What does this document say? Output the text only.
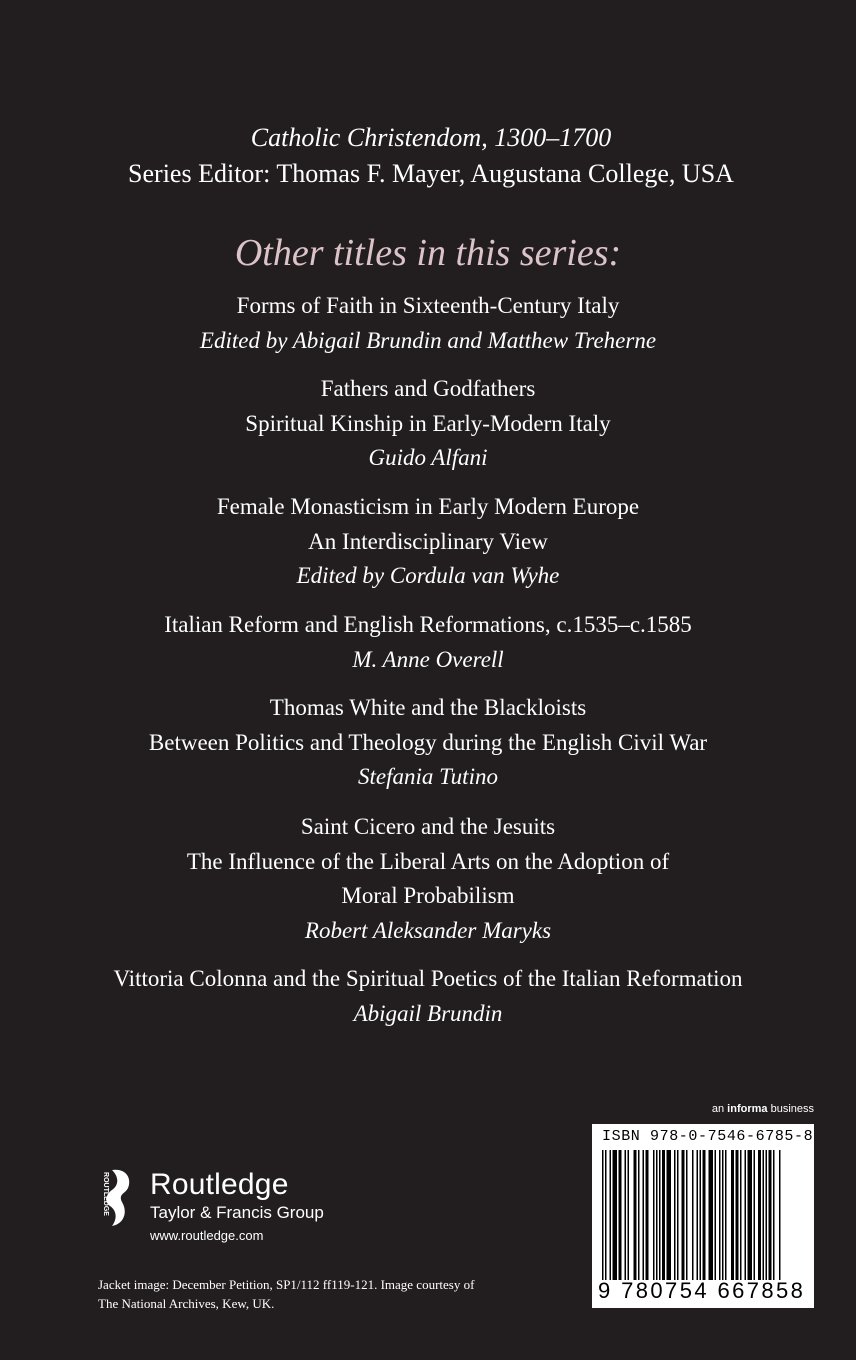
Catholic Christendom, 1300–1700
Series Editor: Thomas F. Mayer, Augustana College, USA
Other titles in this series:
Forms of Faith in Sixteenth-Century Italy
Edited by Abigail Brundin and Matthew Treherne
Fathers and Godfathers
Spiritual Kinship in Early-Modern Italy
Guido Alfani
Female Monasticism in Early Modern Europe
An Interdisciplinary View
Edited by Cordula van Wyhe
Italian Reform and English Reformations, c.1535–c.1585
M. Anne Overell
Thomas White and the Blackloists
Between Politics and Theology during the English Civil War
Stefania Tutino
Saint Cicero and the Jesuits
The Influence of the Liberal Arts on the Adoption of
Moral Probabilism
Robert Aleksander Maryks
Vittoria Colonna and the Spiritual Poetics of the Italian Reformation
Abigail Brundin
an informa business
ISBN 978-0-7546-6785-8
9 780754 667858
ROUTLEDGE Routledge
Taylor & Francis Group
www.routledge.com
Jacket image: December Petition, SP1/112 ff119-121. Image courtesy of
The National Archives, Kew, UK.
